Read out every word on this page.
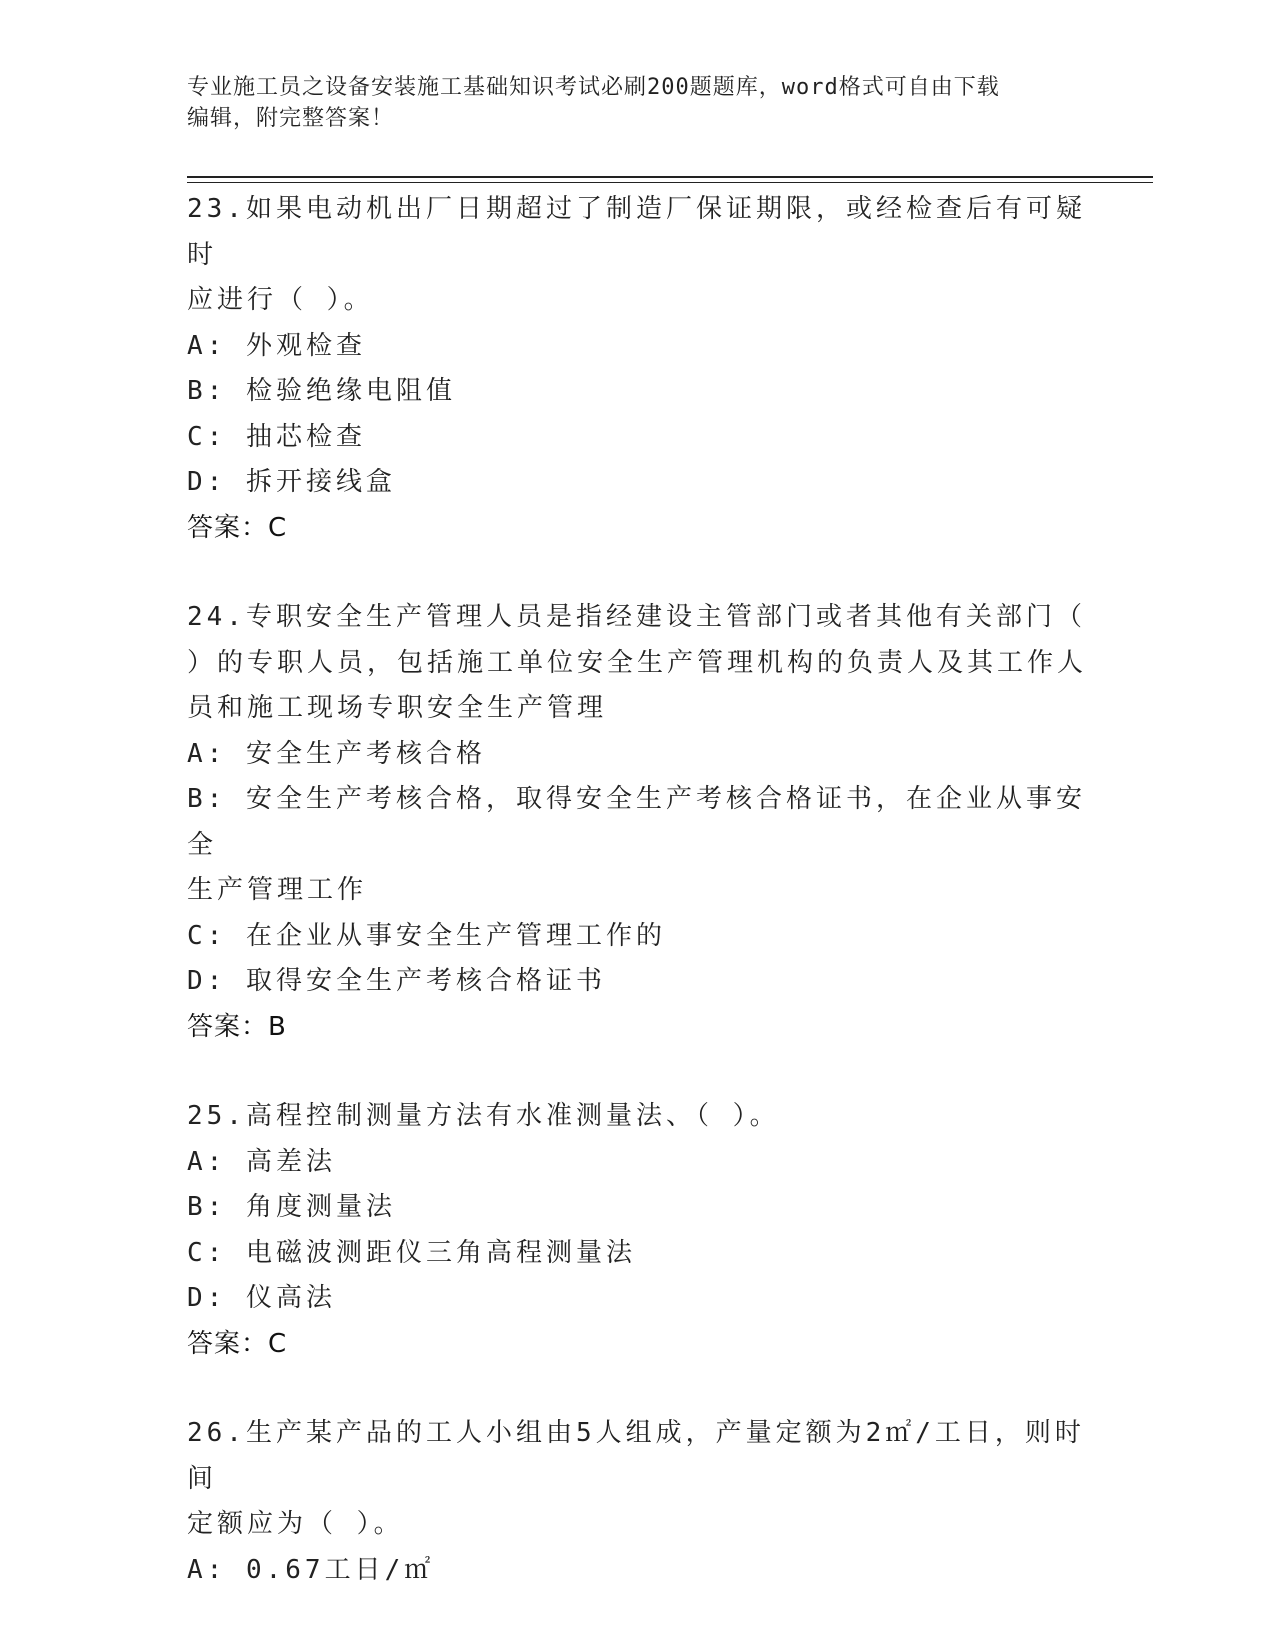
专业施工员之设备安装施工基础知识考试必刷200题题库，word格式可自由下载
编辑，附完整答案！

23.如果电动机出厂日期超过了制造厂保证期限，或经检查后有可疑时

应进行（ ）。

A: 外观检查

B: 检验绝缘电阻值

C: 抽芯检查

D: 拆开接线盒

答案：C

24.专职安全生产管理人员是指经建设主管部门或者其他有关部门（

）的专职人员，包括施工单位安全生产管理机构的负责人及其工作人

员和施工现场专职安全生产管理

A: 安全生产考核合格

B: 安全生产考核合格，取得安全生产考核合格证书，在企业从事安全

生产管理工作

C: 在企业从事安全生产管理工作的

D: 取得安全生产考核合格证书

答案：B

25.高程控制测量方法有水准测量法、（ ）。

A: 高差法

B: 角度测量法

C: 电磁波测距仪三角高程测量法

D: 仪高法

答案：C

26.生产某产品的工人小组由5人组成，产量定额为2㎡/工日，则时间

定额应为（ ）。

A: 0.67工日/㎡
